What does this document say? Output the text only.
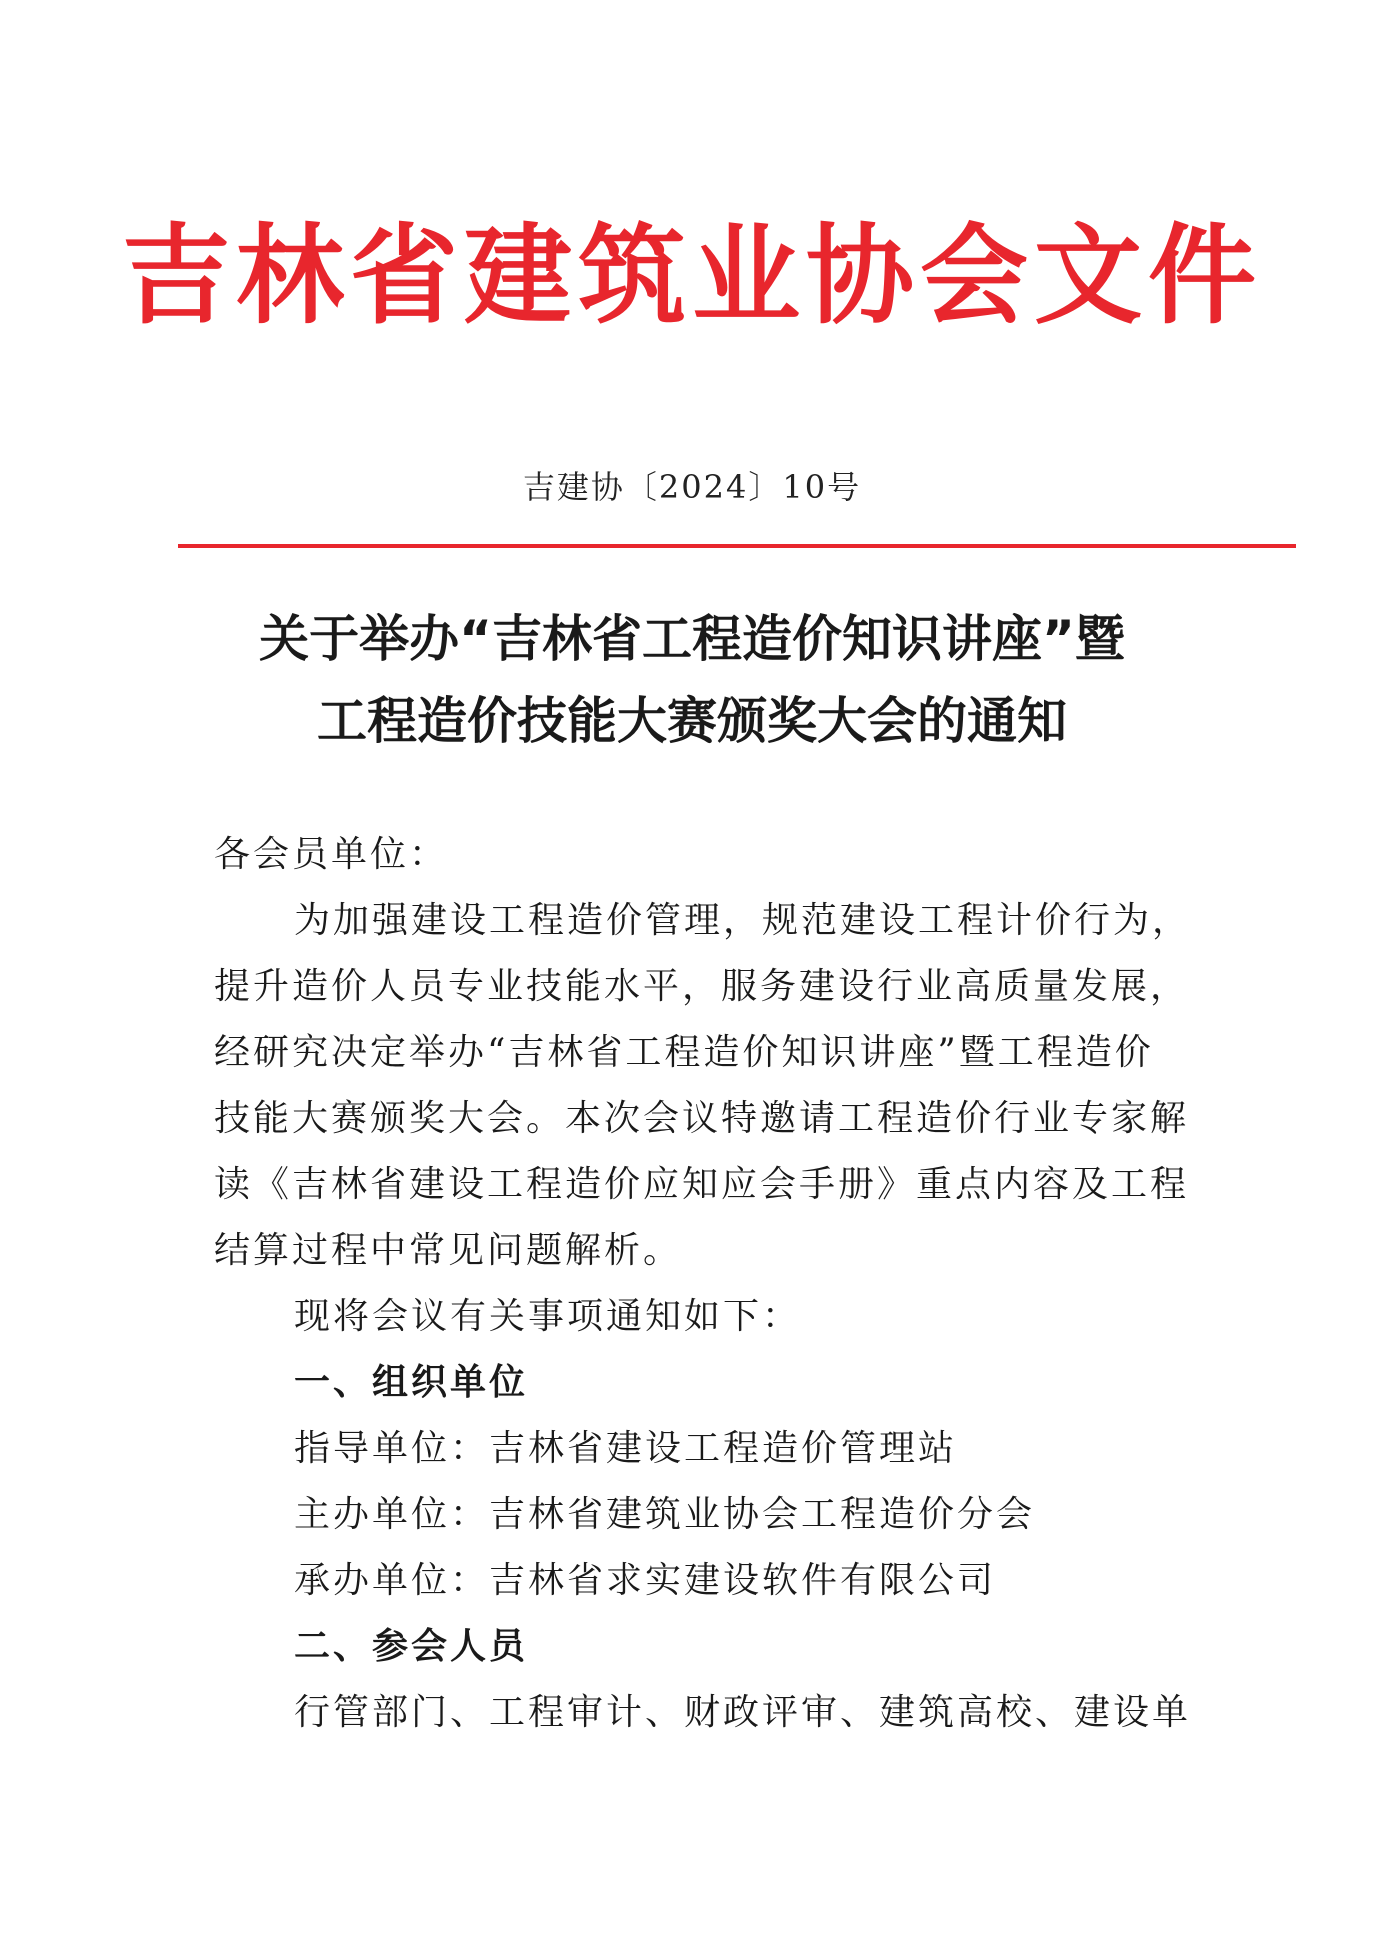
吉林省建筑业协会文件
吉建协〔2024〕10号
关于举办“吉林省工程造价知识讲座”暨
工程造价技能大赛颁奖大会的通知
各会员单位：
为加强建设工程造价管理，规范建设工程计价行为，
提升造价人员专业技能水平，服务建设行业高质量发展，
经研究决定举办“吉林省工程造价知识讲座”暨工程造价
技能大赛颁奖大会。本次会议特邀请工程造价行业专家解
读《吉林省建设工程造价应知应会手册》重点内容及工程
结算过程中常见问题解析。
现将会议有关事项通知如下：
一、组织单位
指导单位：吉林省建设工程造价管理站
主办单位：吉林省建筑业协会工程造价分会
承办单位：吉林省求实建设软件有限公司
二、参会人员
行管部门、工程审计、财政评审、建筑高校、建设单
